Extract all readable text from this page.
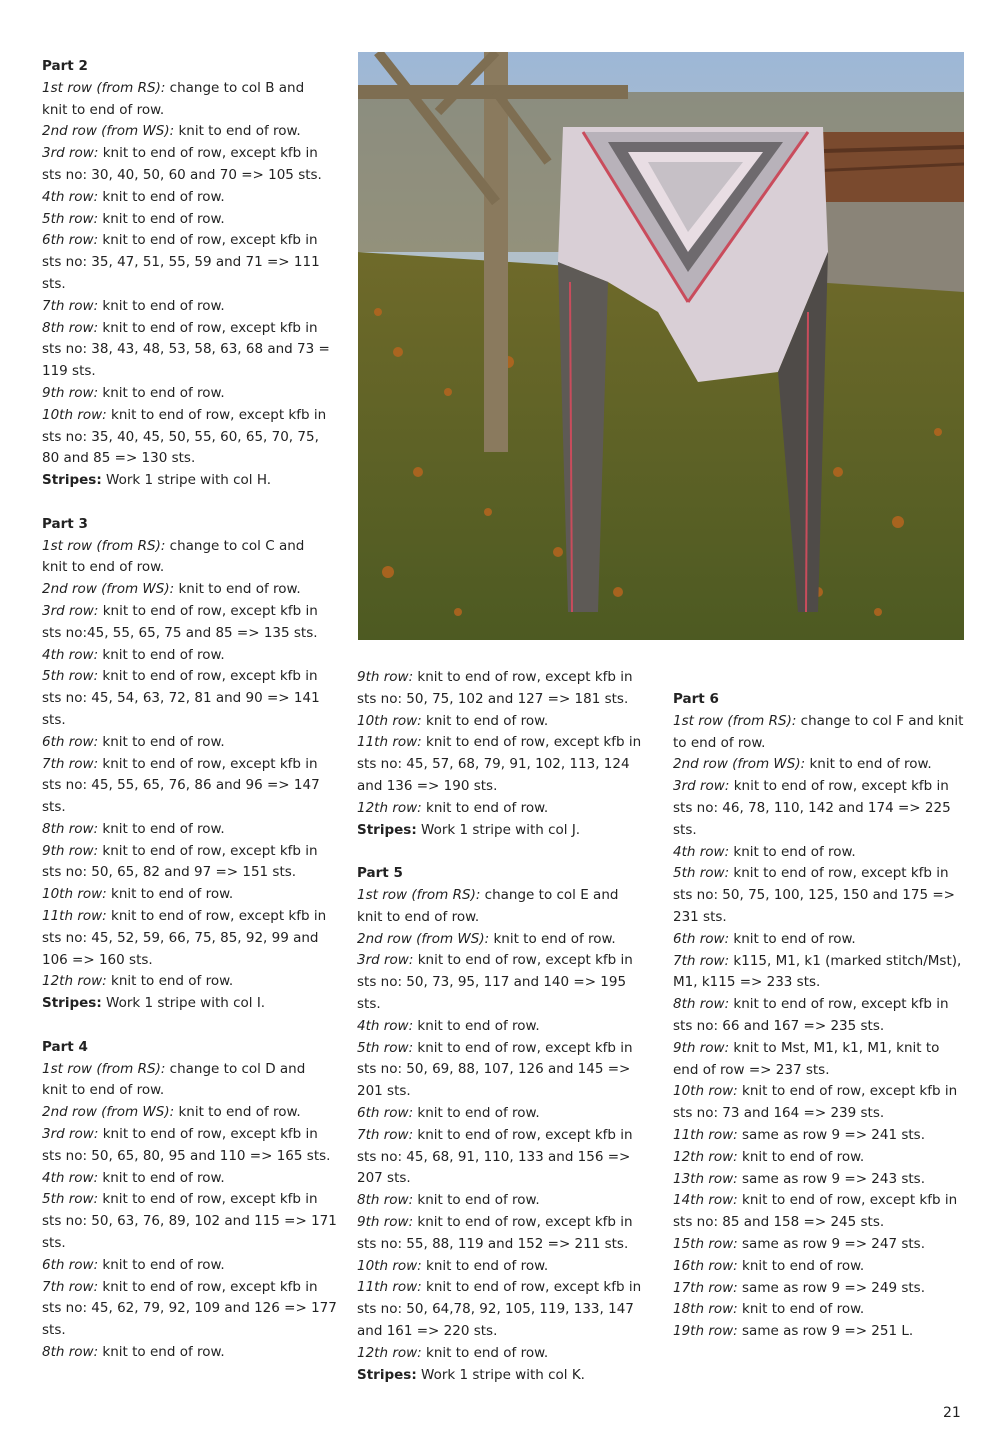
Part 2
1st row (from RS): change to col B and
knit to end of row.
2nd row (from WS): knit to end of row.
3rd row: knit to end of row, except kfb in
sts no: 30, 40, 50, 60 and 70 => 105 sts.
4th row: knit to end of row.
5th row: knit to end of row.
6th row: knit to end of row, except kfb in
sts no: 35, 47, 51, 55, 59 and 71 => 111
sts.
7th row: knit to end of row.
8th row: knit to end of row, except kfb in
sts no: 38, 43, 48, 53, 58, 63, 68 and 73 =
119 sts.
9th row: knit to end of row.
10th row: knit to end of row, except kfb in
sts no: 35, 40, 45, 50, 55, 60, 65, 70, 75,
80 and 85 => 130 sts.
Stripes: Work 1 stripe with col H.
Part 3
1st row (from RS): change to col C and
knit to end of row.
2nd row (from WS): knit to end of row.
3rd row: knit to end of row, except kfb in
sts no:45, 55, 65, 75 and 85 => 135 sts.
4th row: knit to end of row.
5th row: knit to end of row, except kfb in
sts no: 45, 54, 63, 72, 81 and 90 => 141
sts.
6th row: knit to end of row.
7th row: knit to end of row, except kfb in
sts no: 45, 55, 65, 76, 86 and 96 => 147
sts.
8th row: knit to end of row.
9th row: knit to end of row, except kfb in
sts no: 50, 65, 82 and 97 => 151 sts.
10th row: knit to end of row.
11th row: knit to end of row, except kfb in
sts no: 45, 52, 59, 66, 75, 85, 92, 99 and
106 => 160 sts.
12th row: knit to end of row.
Stripes: Work 1 stripe with col I.
Part 4
1st row (from RS): change to col D and
knit to end of row.
2nd row (from WS): knit to end of row.
3rd row: knit to end of row, except kfb in
sts no: 50, 65, 80, 95 and 110 => 165 sts.
4th row: knit to end of row.
5th row: knit to end of row, except kfb in
sts no: 50, 63, 76, 89, 102 and 115 => 171
sts.
6th row: knit to end of row.
7th row: knit to end of row, except kfb in
sts no: 45, 62, 79, 92, 109 and 126 => 177
sts.
8th row: knit to end of row.
9th row: knit to end of row, except kfb in
sts no: 50, 75, 102 and 127 => 181 sts.
10th row: knit to end of row.
11th row: knit to end of row, except kfb in
sts no: 45, 57, 68, 79, 91, 102, 113, 124
and 136 => 190 sts.
12th row: knit to end of row.
Stripes: Work 1 stripe with col J.
Part 5
1st row (from RS): change to col E and
knit to end of row.
2nd row (from WS): knit to end of row.
3rd row: knit to end of row, except kfb in
sts no: 50, 73, 95, 117 and 140 => 195
sts.
4th row: knit to end of row.
5th row: knit to end of row, except kfb in
sts no: 50, 69, 88, 107, 126 and 145 =>
201 sts.
6th row: knit to end of row.
7th row: knit to end of row, except kfb in
sts no: 45, 68, 91, 110, 133 and 156 =>
207 sts.
8th row: knit to end of row.
9th row: knit to end of row, except kfb in
sts no: 55, 88, 119 and 152 => 211 sts.
10th row: knit to end of row.
11th row: knit to end of row, except kfb in
sts no: 50, 64,78, 92, 105, 119, 133, 147
and 161 => 220 sts.
12th row: knit to end of row.
Stripes: Work 1 stripe with col K.
Part 6
1st row (from RS): change to col F and knit
to end of row.
2nd row (from WS): knit to end of row.
3rd row: knit to end of row, except kfb in
sts no: 46, 78, 110, 142 and 174 => 225
sts.
4th row: knit to end of row.
5th row: knit to end of row, except kfb in
sts no: 50, 75, 100, 125, 150 and 175 =>
231 sts.
6th row: knit to end of row.
7th row: k115, M1, k1 (marked stitch/Mst),
M1, k115 => 233 sts.
8th row: knit to end of row, except kfb in
sts no: 66 and 167 => 235 sts.
9th row: knit to Mst, M1, k1, M1, knit to
end of row => 237 sts.
10th row: knit to end of row, except kfb in
sts no: 73 and 164 => 239 sts.
11th row: same as row 9 => 241 sts.
12th row: knit to end of row.
13th row: same as row 9 => 243 sts.
14th row: knit to end of row, except kfb in
sts no: 85 and 158 => 245 sts.
15th row: same as row 9 => 247 sts.
16th row: knit to end of row.
17th row: same as row 9 => 249 sts.
18th row: knit to end of row.
19th row: same as row 9 => 251 L.
21
